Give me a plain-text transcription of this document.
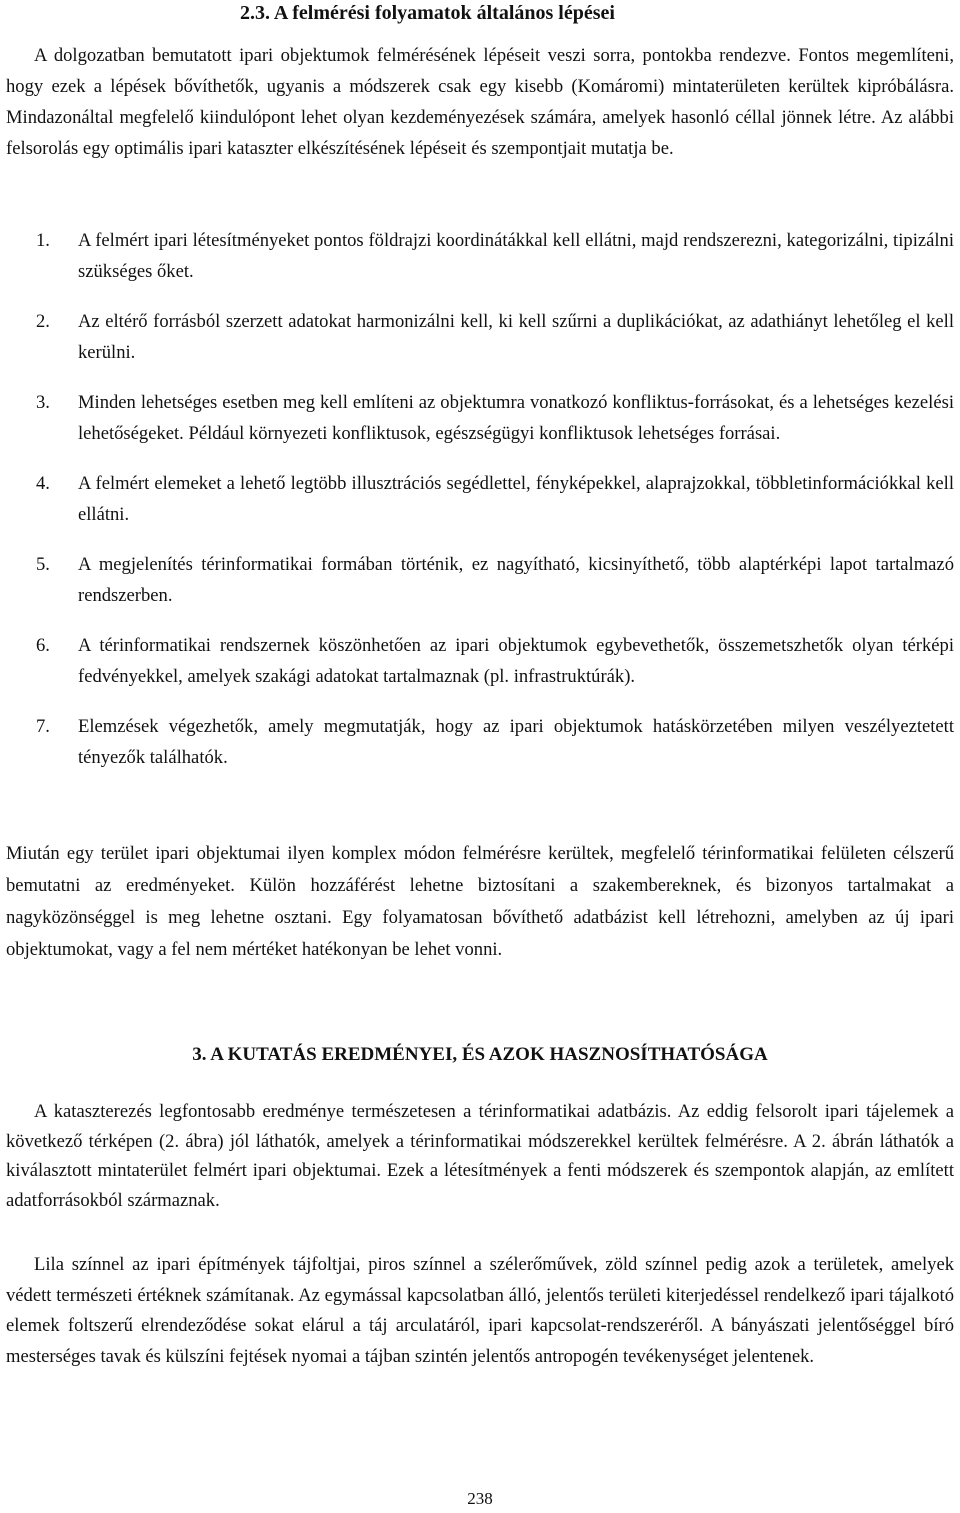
2.3. A felmérési folyamatok általános lépései

A dolgozatban bemutatott ipari objektumok felmérésének lépéseit veszi sorra, pontokba rendezve. Fontos megemlíteni, hogy ezek a lépések bővíthetők, ugyanis a módszerek csak egy kisebb (Komáromi) mintaterületen kerültek kipróbálásra. Mindazonáltal megfelelő kiindulópont lehet olyan kezdeményezések számára, amelyek hasonló céllal jönnek létre. Az alábbi felsorolás egy optimális ipari kataszter elkészítésének lépéseit és szempontjait mutatja be.

1. A felmért ipari létesítményeket pontos földrajzi koordinátákkal kell ellátni, majd rendszerezni, kategorizálni, tipizálni szükséges őket.
2. Az eltérő forrásból szerzett adatokat harmonizálni kell, ki kell szűrni a duplikációkat, az adathiányt lehetőleg el kell kerülni.
3. Minden lehetséges esetben meg kell említeni az objektumra vonatkozó konfliktus-forrásokat, és a lehetséges kezelési lehetőségeket. Például környezeti konfliktusok, egészségügyi konfliktusok lehetséges forrásai.
4. A felmért elemeket a lehető legtöbb illusztrációs segédlettel, fényképekkel, alaprajzokkal, többletinformációkkal kell ellátni.
5. A megjelenítés térinformatikai formában történik, ez nagyítható, kicsinyíthető, több alaptérképi lapot tartalmazó rendszerben.
6. A térinformatikai rendszernek köszönhetően az ipari objektumok egybevethetők, összemetszhetők olyan térképi fedvényekkel, amelyek szakági adatokat tartalmaznak (pl. infrastruktúrák).
7. Elemzések végezhetők, amely megmutatják, hogy az ipari objektumok hatáskörzetében milyen veszélyeztetett tényezők találhatók.

Miután egy terület ipari objektumai ilyen komplex módon felmérésre kerültek, megfelelő térinformatikai felületen célszerű bemutatni az eredményeket. Külön hozzáférést lehetne biztosítani a szakembereknek, és bizonyos tartalmakat a nagyközönséggel is meg lehetne osztani. Egy folyamatosan bővíthető adatbázist kell létrehozni, amelyben az új ipari objektumokat, vagy a fel nem mértéket hatékonyan be lehet vonni.

3. A KUTATÁS EREDMÉNYEI, ÉS AZOK HASZNOSÍTHATÓSÁGA

A kataszterezés legfontosabb eredménye természetesen a térinformatikai adatbázis. Az eddig felsorolt ipari tájelemek a következő térképen (2. ábra) jól láthatók, amelyek a térinformatikai módszerekkel kerültek felmérésre. A 2. ábrán láthatók a kiválasztott mintaterület felmért ipari objektumai. Ezek a létesítmények a fenti módszerek és szempontok alapján, az említett adatforrásokból származnak.

Lila színnel az ipari építmények tájfoltjai, piros színnel a szélerőművek, zöld színnel pedig azok a területek, amelyek védett természeti értéknek számítanak. Az egymással kapcsolatban álló, jelentős területi kiterjedéssel rendelkező ipari tájalkotó elemek foltszerű elrendeződése sokat elárul a táj arculatáról, ipari kapcsolat-rendszeréről. A bányászati jelentőséggel bíró mesterséges tavak és külszíni fejtések nyomai a tájban szintén jelentős antropogén tevékenységet jelentenek.

238
